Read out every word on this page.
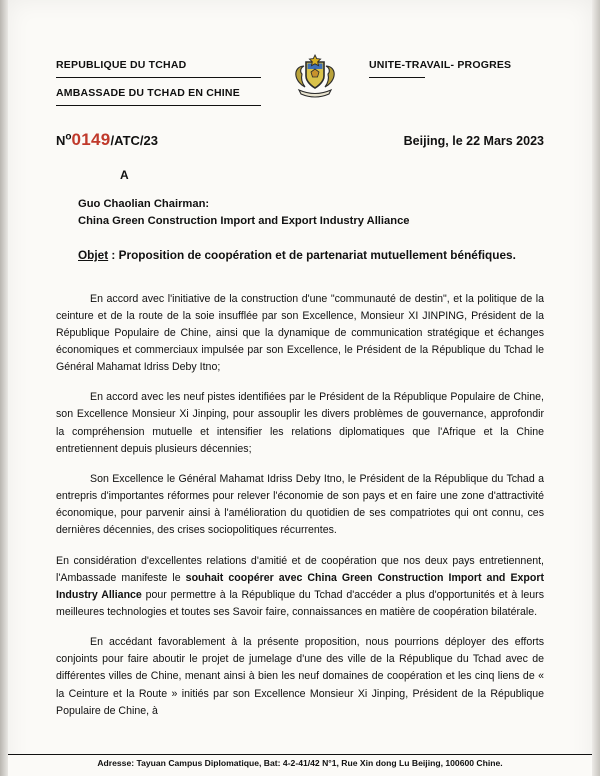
REPUBLIQUE DU TCHAD
AMBASSADE DU TCHAD EN CHINE
UNITE-TRAVAIL- PROGRES
N$^o$0149/ATC/23	Beijing, le 22 Mars 2023
A
Guo Chaolian Chairman:
China Green Construction Import and Export Industry Alliance
Objet : Proposition de coopération et de partenariat mutuellement bénéfiques.

En accord avec l'initiative de la construction d'une "communauté de destin", et la politique de la ceinture et de la route de la soie insufflée par son Excellence, Monsieur XI JINPING, Président de la République Populaire de Chine, ainsi que la dynamique de communication stratégique et échanges économiques et commerciaux impulsée par son Excellence, le Président de la République du Tchad le Général Mahamat Idriss Deby Itno;

En accord avec les neuf pistes identifiées par le Président de la République Populaire de Chine, son Excellence Monsieur Xi Jinping, pour assouplir les divers problèmes de gouvernance, approfondir la compréhension mutuelle et intensifier les relations diplomatiques que l'Afrique et la Chine entretiennent depuis plusieurs décennies;

Son Excellence le Général Mahamat Idriss Deby Itno, le Président de la République du Tchad a entrepris d'importantes réformes pour relever l'économie de son pays et en faire une zone d'attractivité économique, pour parvenir ainsi à l'amélioration du quotidien de ses compatriotes qui ont connu, ces dernières décennies, des crises sociopolitiques récurrentes.

En considération d'excellentes relations d'amitié et de coopération que nos deux pays entretiennent, l'Ambassade manifeste le souhait coopérer avec China Green Construction Import and Export Industry Alliance pour permettre à la République du Tchad d'accéder a plus d'opportunités et à leurs meilleures technologies et toutes ses Savoir faire, connaissances en matière de coopération bilatérale.

En accédant favorablement à la présente proposition, nous pourrions déployer des efforts conjoints pour faire aboutir le projet de jumelage d'une des ville de la République du Tchad avec de différentes villes de Chine, menant ainsi à bien les neuf domaines de coopération et les cinq liens de « la Ceinture et la Route » initiés par son Excellence Monsieur Xi Jinping, Président de la République Populaire de Chine, à

Adresse: Tayuan Campus Diplomatique, Bat: 4-2-41/42 N°1, Rue Xin dong Lu Beijing, 100600 Chine.
